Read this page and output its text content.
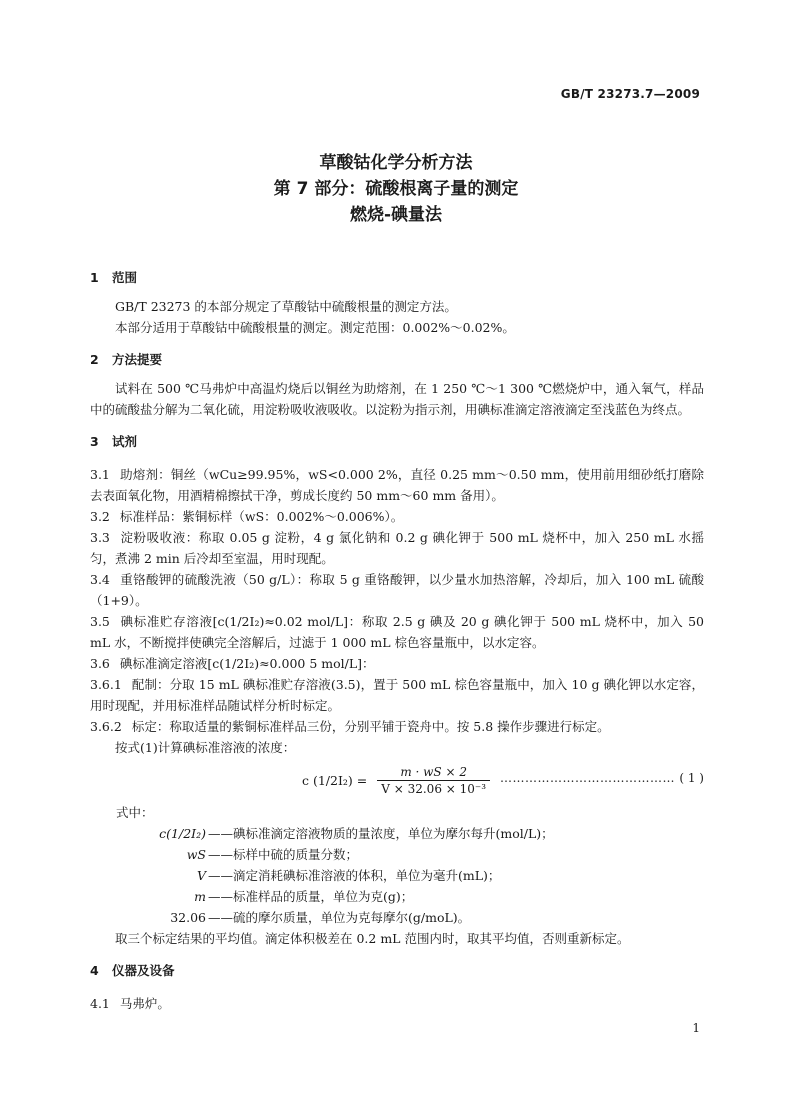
GB/T 23273.7—2009
草酸钴化学分析方法
第 7 部分：硫酸根离子量的测定
燃烧-碘量法
1	范围
GB/T 23273 的本部分规定了草酸钴中硫酸根量的测定方法。
本部分适用于草酸钴中硫酸根量的测定。测定范围：0.002%～0.02%。
2	方法提要
试料在 500 ℃马弗炉中高温灼烧后以铜丝为助熔剂，在 1 250 ℃～1 300 ℃燃烧炉中，通入氧气，样品中的硫酸盐分解为二氧化硫，用淀粉吸收液吸收。以淀粉为指示剂，用碘标准滴定溶液滴定至浅蓝色为终点。
3	试剂
3.1 助熔剂：铜丝（wCu≥99.95%，wS<0.000 2%，直径 0.25 mm～0.50 mm，使用前用细砂纸打磨除去表面氧化物，用酒精棉擦拭干净，剪成长度约 50 mm～60 mm 备用）。
3.2 标准样品：紫铜标样（wS：0.002%～0.006%）。
3.3 淀粉吸收液：称取 0.05 g 淀粉，4 g 氯化钠和 0.2 g 碘化钾于 500 mL 烧杯中，加入 250 mL 水摇匀，煮沸 2 min 后冷却至室温，用时现配。
3.4 重铬酸钾的硫酸洗液（50 g/L）：称取 5 g 重铬酸钾，以少量水加热溶解，冷却后，加入 100 mL 硫酸（1+9）。
3.5 碘标准贮存溶液[c(1/2I₂)≈0.02 mol/L]：称取 2.5 g 碘及 20 g 碘化钾于 500 mL 烧杯中，加入 50 mL 水，不断搅拌使碘完全溶解后，过滤于 1 000 mL 棕色容量瓶中，以水定容。
3.6 碘标准滴定溶液[c(1/2I₂)≈0.000 5 mol/L]：
3.6.1 配制：分取 15 mL 碘标准贮存溶液(3.5)，置于 500 mL 棕色容量瓶中，加入 10 g 碘化钾以水定容，用时现配，并用标准样品随试样分析时标定。
3.6.2 标定：称取适量的紫铜标准样品三份，分别平铺于瓷舟中。按 5.8 操作步骤进行标定。
按式(1)计算碘标准溶液的浓度：
c $(1/2I_2) = \frac{m \cdot wS \times 2}{\text{V × 32.06 × 10⁻³}}$ …………………………………… ( 1 )
式中：
c(1/2I₂) ——碘标准滴定溶液物质的量浓度，单位为摩尔每升(mol/L)；
wS ——标样中硫的质量分数；
V ——滴定消耗碘标准溶液的体积，单位为毫升(mL)；
m ——标准样品的质量，单位为克(g)；
32.06 ——硫的摩尔质量，单位为克每摩尔(g/moL)。
取三个标定结果的平均值。滴定体积极差在 0.2 mL 范围内时，取其平均值，否则重新标定。
4	仪器及设备
4.1 马弗炉。
1
